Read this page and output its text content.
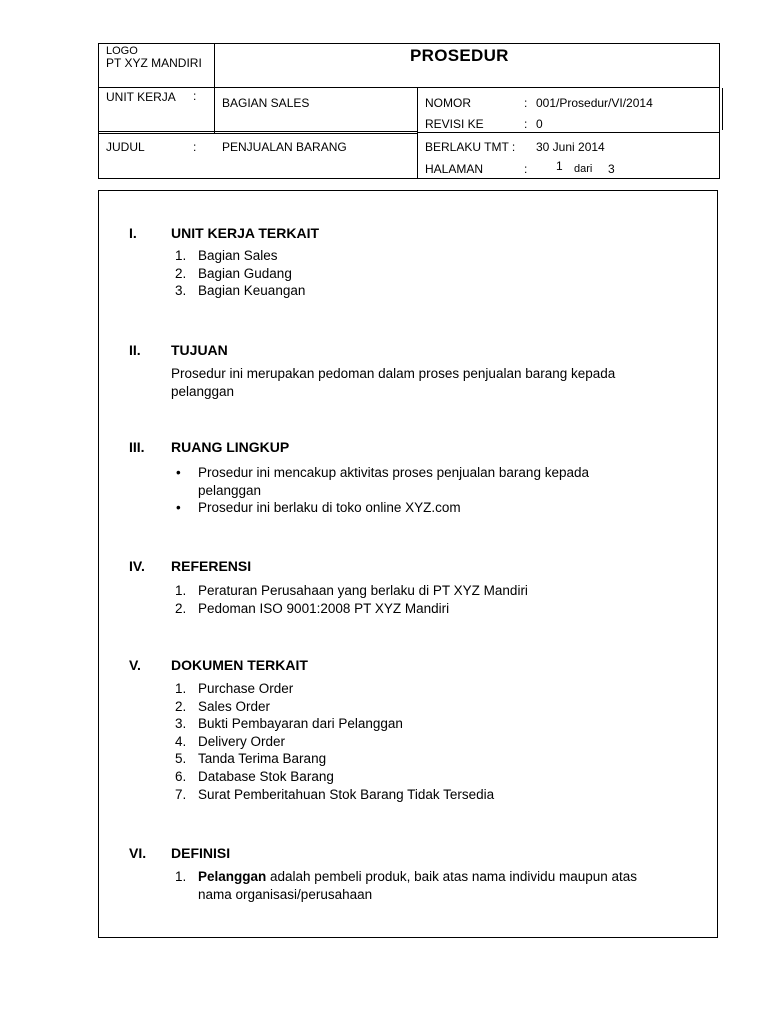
LOGO
PT XYZ MANDIRI	PROSEDUR
UNIT KERJA : BAGIAN SALES	NOMOR	: 001/Prosedur/VI/2014
REVISI KE	: 0
JUDUL	: PENJUALAN BARANG	BERLAKU TMT : 30 Juni 2014
HALAMAN	: 1 dari 3
I. UNIT KERJA TERKAIT
1. Bagian Sales
2. Bagian Gudang
3. Bagian Keuangan
II. TUJUAN
Prosedur ini merupakan pedoman dalam proses penjualan barang kepada pelanggan
III. RUANG LINGKUP
• Prosedur ini mencakup aktivitas proses penjualan barang kepada pelanggan
• Prosedur ini berlaku di toko online XYZ.com
IV. REFERENSI
1. Peraturan Perusahaan yang berlaku di PT XYZ Mandiri
2. Pedoman ISO 9001:2008 PT XYZ Mandiri
V. DOKUMEN TERKAIT
1. Purchase Order
2. Sales Order
3. Bukti Pembayaran dari Pelanggan
4. Delivery Order
5. Tanda Terima Barang
6. Database Stok Barang
7. Surat Pemberitahuan Stok Barang Tidak Tersedia
VI. DEFINISI
1. Pelanggan adalah pembeli produk, baik atas nama individu maupun atas nama organisasi/perusahaan
